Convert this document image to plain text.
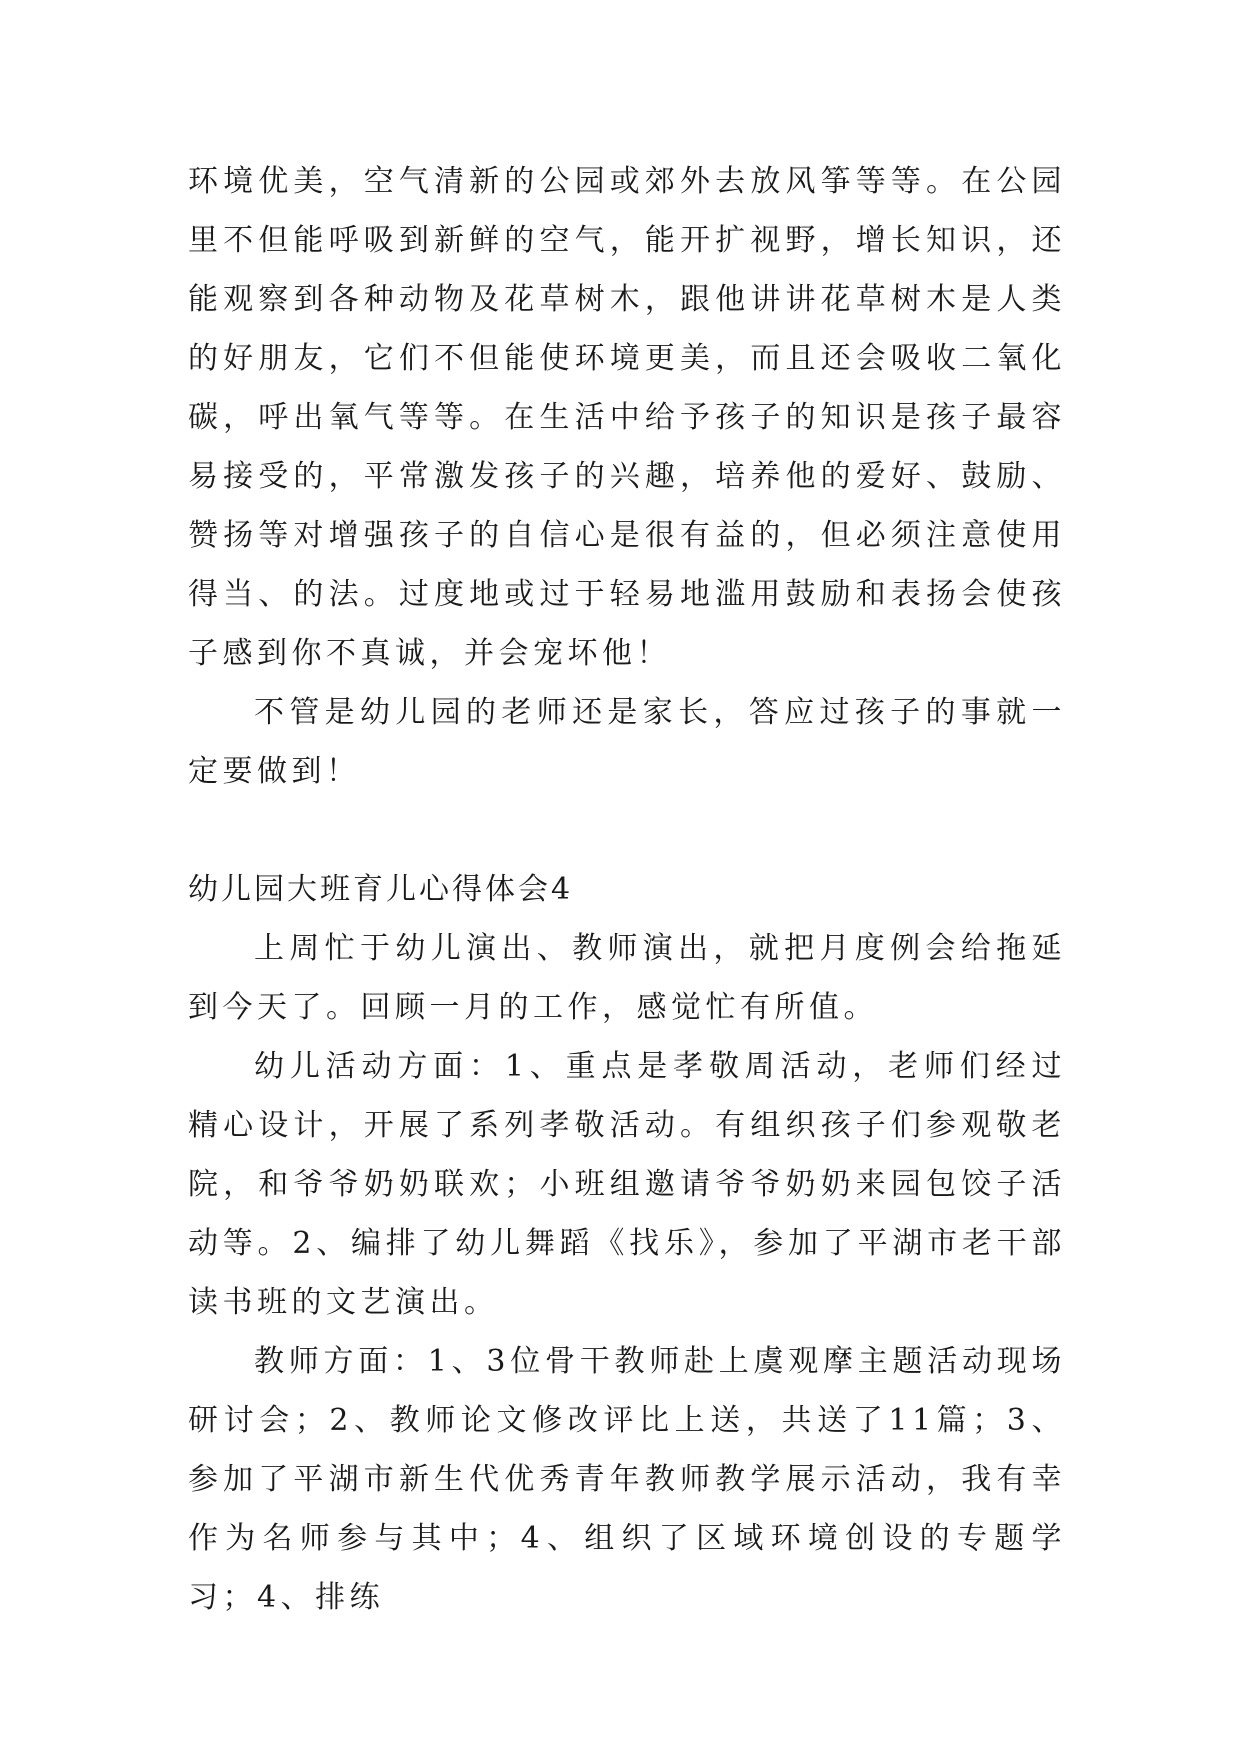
环境优美，空气清新的公园或郊外去放风筝等等。在公园里不但能呼吸到新鲜的空气，能开扩视野，增长知识，还能观察到各种动物及花草树木，跟他讲讲花草树木是人类的好朋友，它们不但能使环境更美，而且还会吸收二氧化碳，呼出氧气等等。在生活中给予孩子的知识是孩子最容易接受的，平常激发孩子的兴趣，培养他的爱好、鼓励、赞扬等对增强孩子的自信心是很有益的，但必须注意使用得当、的法。过度地或过于轻易地滥用鼓励和表扬会使孩子感到你不真诚，并会宠坏他！

不管是幼儿园的老师还是家长，答应过孩子的事就一定要做到！

幼儿园大班育儿心得体会4

上周忙于幼儿演出、教师演出，就把月度例会给拖延到今天了。回顾一月的工作，感觉忙有所值。

幼儿活动方面：1、重点是孝敬周活动，老师们经过精心设计，开展了系列孝敬活动。有组织孩子们参观敬老院，和爷爷奶奶联欢；小班组邀请爷爷奶奶来园包饺子活动等。2、编排了幼儿舞蹈《找乐》，参加了平湖市老干部读书班的文艺演出。

教师方面：1、3位骨干教师赴上虞观摩主题活动现场研讨会；2、教师论文修改评比上送，共送了11篇；3、参加了平湖市新生代优秀青年教师教学展示活动，我有幸作为名师参与其中；4、组织了区域环境创设的专题学习；4、排练
